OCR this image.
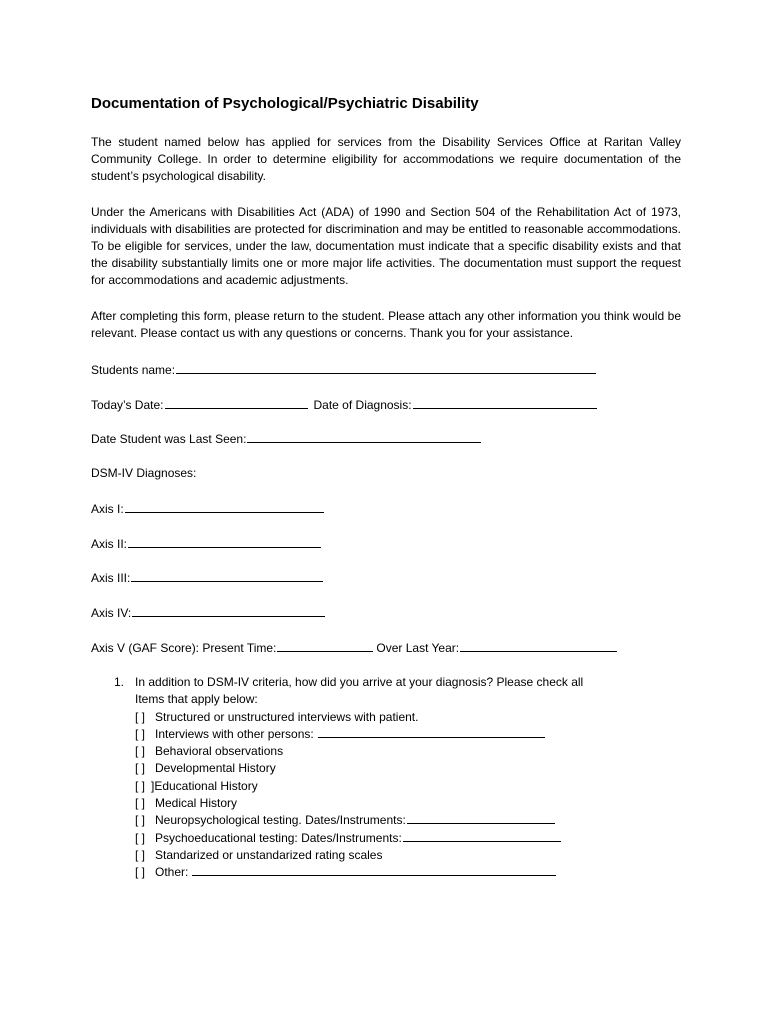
Documentation of Psychological/Psychiatric Disability

The student named below has applied for services from the Disability Services Office at Raritan Valley Community College. In order to determine eligibility for accommodations we require documentation of the student’s psychological disability.

Under the Americans with Disabilities Act (ADA) of 1990 and Section 504 of the Rehabilitation Act of 1973, individuals with disabilities are protected for discrimination and may be entitled to reasonable accommodations. To be eligible for services, under the law, documentation must indicate that a specific disability exists and that the disability substantially limits one or more major life activities. The documentation must support the request for accommodations and academic adjustments.

After completing this form, please return to the student. Please attach any other information you think would be relevant. Please contact us with any questions or concerns. Thank you for your assistance.

Students name:
Today’s Date:	Date of Diagnosis:
Date Student was Last Seen:
DSM-IV Diagnoses:
Axis I:
Axis II:
Axis III:
Axis IV:
Axis V (GAF Score): Present Time:	Over Last Year:
1. In addition to DSM-IV criteria, how did you arrive at your diagnosis? Please check all
Items that apply below:
[ ] Structured or unstructured interviews with patient.
[ ] Interviews with other persons:
[ ] Behavioral observations
[ ] Developmental History
[ ] ]Educational History
[ ] Medical History
[ ] Neuropsychological testing. Dates/Instruments:
[ ] Psychoeducational testing: Dates/Instruments:
[ ] Standarized or unstandarized rating scales
[ ] Other:
